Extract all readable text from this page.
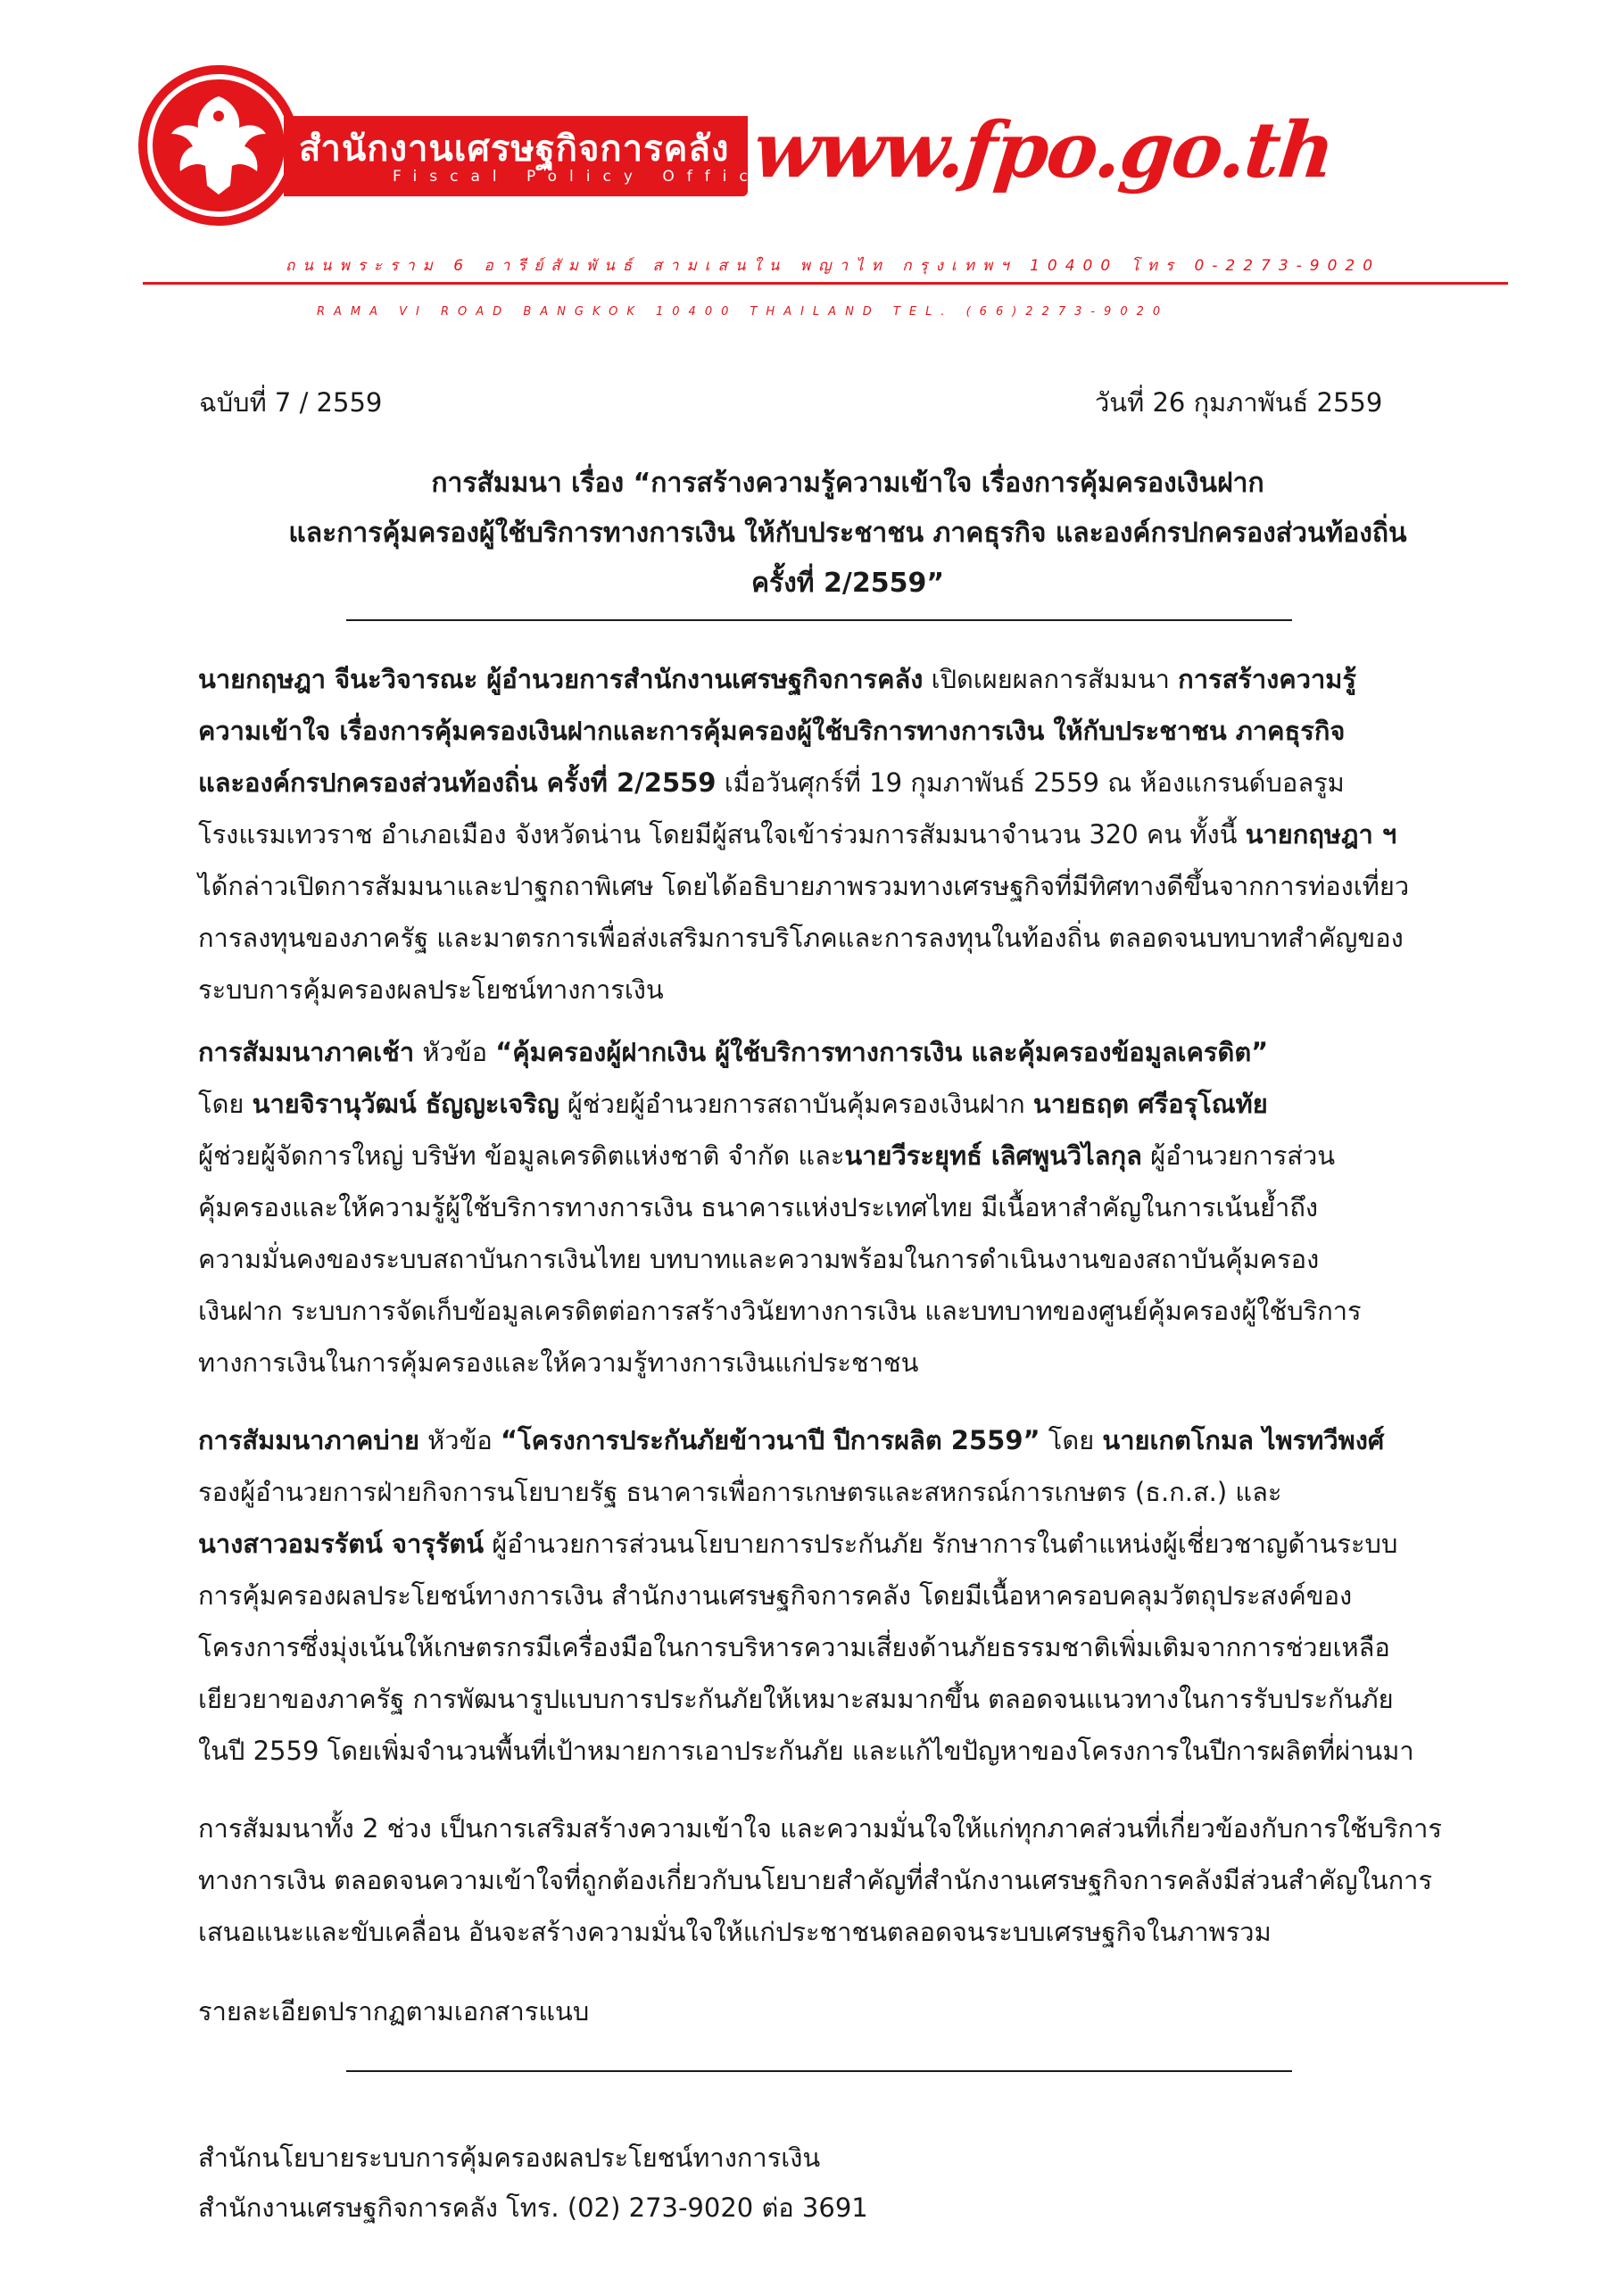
สำนักงานเศรษฐกิจการคลัง
Fiscal Policy Office
www.fpo.go.th
ถนนพระราม 6 อารีย์สัมพันธ์ สามเสนใน พญาไท กรุงเทพฯ 10400 โทร 0-2273-9020
RAMA VI ROAD BANGKOK 10400 THAILAND TEL. (66)2273-9020
ฉบับที่ 7 / 2559	วันที่ 26 กุมภาพันธ์ 2559
การสัมมนา เรื่อง “การสร้างความรู้ความเข้าใจ เรื่องการคุ้มครองเงินฝาก
และการคุ้มครองผู้ใช้บริการทางการเงิน ให้กับประชาชน ภาคธุรกิจ และองค์กรปกครองส่วนท้องถิ่น
ครั้งที่ 2/2559”
นายกฤษฎา จีนะวิจารณะ ผู้อำนวยการสำนักงานเศรษฐกิจการคลัง เปิดเผยผลการสัมมนา การสร้างความรู้
ความเข้าใจ เรื่องการคุ้มครองเงินฝากและการคุ้มครองผู้ใช้บริการทางการเงิน ให้กับประชาชน ภาคธุรกิจ
และองค์กรปกครองส่วนท้องถิ่น ครั้งที่ 2/2559 เมื่อวันศุกร์ที่ 19 กุมภาพันธ์ 2559 ณ ห้องแกรนด์บอลรูม
โรงแรมเทวราช อำเภอเมือง จังหวัดน่าน โดยมีผู้สนใจเข้าร่วมการสัมมนาจำนวน 320 คน ทั้งนี้ นายกฤษฎา ฯ
ได้กล่าวเปิดการสัมมนาและปาฐกถาพิเศษ โดยได้อธิบายภาพรวมทางเศรษฐกิจที่มีทิศทางดีขึ้นจากการท่องเที่ยว
การลงทุนของภาครัฐ และมาตรการเพื่อส่งเสริมการบริโภคและการลงทุนในท้องถิ่น ตลอดจนบทบาทสำคัญของ
ระบบการคุ้มครองผลประโยชน์ทางการเงิน
การสัมมนาภาคเช้า หัวข้อ “คุ้มครองผู้ฝากเงิน ผู้ใช้บริการทางการเงิน และคุ้มครองข้อมูลเครดิต”
โดย นายจิรานุวัฒน์ ธัญญะเจริญ ผู้ช่วยผู้อำนวยการสถาบันคุ้มครองเงินฝาก นายธฤต ศรีอรุโณทัย
ผู้ช่วยผู้จัดการใหญ่ บริษัท ข้อมูลเครดิตแห่งชาติ จำกัด และนายวีระยุทธ์ เลิศพูนวิไลกุล ผู้อำนวยการส่วน
คุ้มครองและให้ความรู้ผู้ใช้บริการทางการเงิน ธนาคารแห่งประเทศไทย มีเนื้อหาสำคัญในการเน้นย้ำถึง
ความมั่นคงของระบบสถาบันการเงินไทย บทบาทและความพร้อมในการดำเนินงานของสถาบันคุ้มครอง
เงินฝาก ระบบการจัดเก็บข้อมูลเครดิตต่อการสร้างวินัยทางการเงิน และบทบาทของศูนย์คุ้มครองผู้ใช้บริการ
ทางการเงินในการคุ้มครองและให้ความรู้ทางการเงินแก่ประชาชน
การสัมมนาภาคบ่าย หัวข้อ “โครงการประกันภัยข้าวนาปี ปีการผลิต 2559” โดย นายเกตโกมล ไพรทวีพงศ์
รองผู้อำนวยการฝ่ายกิจการนโยบายรัฐ ธนาคารเพื่อการเกษตรและสหกรณ์การเกษตร (ธ.ก.ส.) และ
นางสาวอมรรัตน์ จารุรัตน์ ผู้อำนวยการส่วนนโยบายการประกันภัย รักษาการในตำแหน่งผู้เชี่ยวชาญด้านระบบ
การคุ้มครองผลประโยชน์ทางการเงิน สำนักงานเศรษฐกิจการคลัง โดยมีเนื้อหาครอบคลุมวัตถุประสงค์ของ
โครงการซึ่งมุ่งเน้นให้เกษตรกรมีเครื่องมือในการบริหารความเสี่ยงด้านภัยธรรมชาติเพิ่มเติมจากการช่วยเหลือ
เยียวยาของภาครัฐ การพัฒนารูปแบบการประกันภัยให้เหมาะสมมากขึ้น ตลอดจนแนวทางในการรับประกันภัย
ในปี 2559 โดยเพิ่มจำนวนพื้นที่เป้าหมายการเอาประกันภัย และแก้ไขปัญหาของโครงการในปีการผลิตที่ผ่านมา
การสัมมนาทั้ง 2 ช่วง เป็นการเสริมสร้างความเข้าใจ และความมั่นใจให้แก่ทุกภาคส่วนที่เกี่ยวข้องกับการใช้บริการ
ทางการเงิน ตลอดจนความเข้าใจที่ถูกต้องเกี่ยวกับนโยบายสำคัญที่สำนักงานเศรษฐกิจการคลังมีส่วนสำคัญในการ
เสนอแนะและขับเคลื่อน อันจะสร้างความมั่นใจให้แก่ประชาชนตลอดจนระบบเศรษฐกิจในภาพรวม
รายละเอียดปรากฏตามเอกสารแนบ
สำนักนโยบายระบบการคุ้มครองผลประโยชน์ทางการเงิน
สำนักงานเศรษฐกิจการคลัง โทร. (02) 273-9020 ต่อ 3691
